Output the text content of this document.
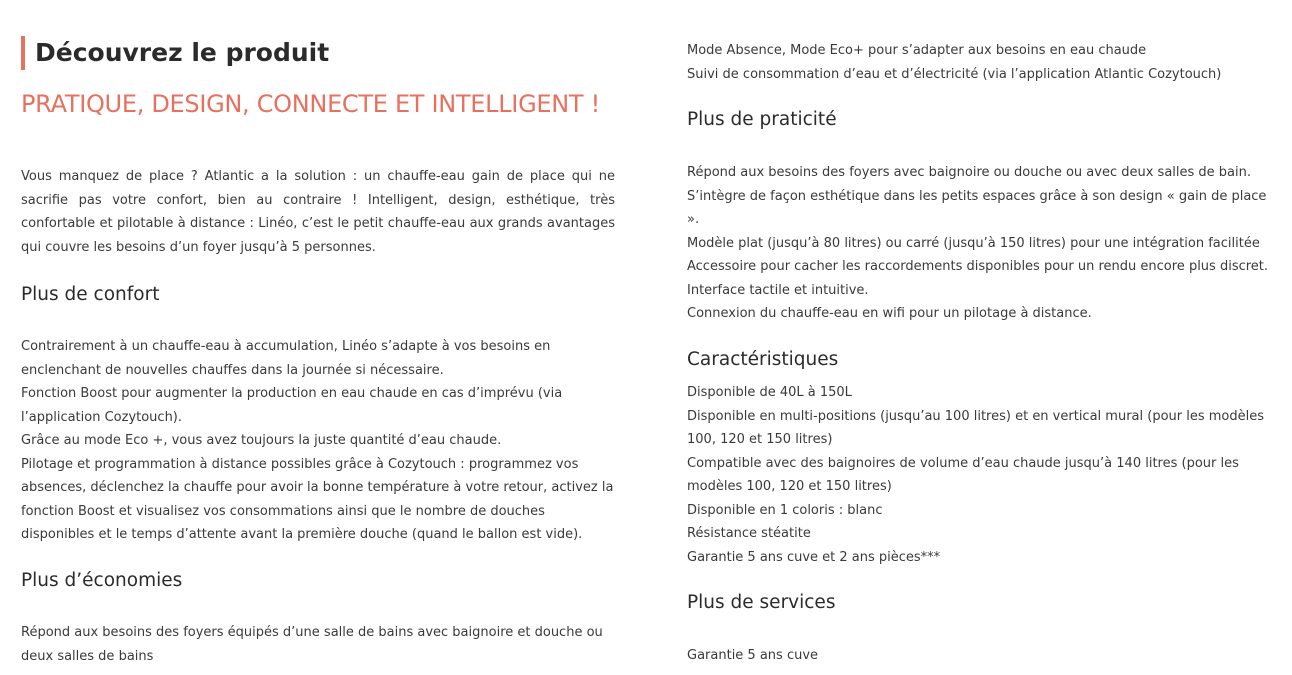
Découvrez le produit
PRATIQUE, DESIGN, CONNECTE ET INTELLIGENT !
Vous manquez de place ? Atlantic a la solution : un chauffe-eau gain de place qui ne sacrifie pas votre confort, bien au contraire ! Intelligent, design, esthétique, très confortable et pilotable à distance : Linéo, c’est le petit chauffe-eau aux grands avantages qui couvre les besoins d’un foyer jusqu’à 5 personnes.
Plus de confort
Contrairement à un chauffe-eau à accumulation, Linéo s’adapte à vos besoins en
enclenchant de nouvelles chauffes dans la journée si nécessaire.
Fonction Boost pour augmenter la production en eau chaude en cas d’imprévu (via
l’application Cozytouch).
Grâce au mode Eco +, vous avez toujours la juste quantité d’eau chaude.
Pilotage et programmation à distance possibles grâce à Cozytouch : programmez vos
absences, déclenchez la chauffe pour avoir la bonne température à votre retour, activez la
fonction Boost et visualisez vos consommations ainsi que le nombre de douches
disponibles et le temps d’attente avant la première douche (quand le ballon est vide).
Plus d’économies
Répond aux besoins des foyers équipés d’une salle de bains avec baignoire et douche ou
deux salles de bains
Mode Absence, Mode Eco+ pour s’adapter aux besoins en eau chaude
Suivi de consommation d’eau et d’électricité (via l’application Atlantic Cozytouch)
Plus de praticité
Répond aux besoins des foyers avec baignoire ou douche ou avec deux salles de bain.
S’intègre de façon esthétique dans les petits espaces grâce à son design « gain de place
».
Modèle plat (jusqu’à 80 litres) ou carré (jusqu’à 150 litres) pour une intégration facilitée
Accessoire pour cacher les raccordements disponibles pour un rendu encore plus discret.
Interface tactile et intuitive.
Connexion du chauffe-eau en wifi pour un pilotage à distance.
Caractéristiques
Disponible de 40L à 150L
Disponible en multi-positions (jusqu’au 100 litres) et en vertical mural (pour les modèles
100, 120 et 150 litres)
Compatible avec des baignoires de volume d’eau chaude jusqu’à 140 litres (pour les
modèles 100, 120 et 150 litres)
Disponible en 1 coloris : blanc
Résistance stéatite
Garantie 5 ans cuve et 2 ans pièces***
Plus de services
Garantie 5 ans cuve
